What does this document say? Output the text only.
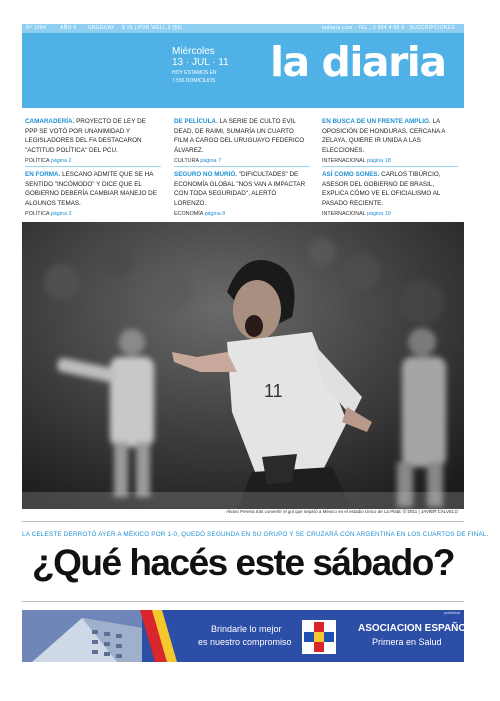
Nº 1384	AÑO 6 URUGUAY $ 25 | POR WELL 2 ($8)	ladiaria.com · TEL.: 2 904 4 88 8 · SUSCRIPCIONES
Miércoles
13 · JUL · 11
HOY ESTAMOS EN
7.556 DOMICILIOS	la diaria
CAMARADERÍA. PROYECTO DE LEY DE PPP SE VOTÓ POR UNANIMIDAD Y LEGISLADORES DEL FA DESTACARON "ACTITUD POLÍTICA" DEL PCU.
POLÍTICA página 2
DE PELÍCULA. LA SERIE DE CULTO EVIL DEAD, DE RAIMI, SUMARÍA UN CUARTO FILM A CARGO DEL URUGUAYO FEDERICO ÁLVAREZ.
CULTURA página 7
EN BUSCA DE UN FRENTE AMPLIO. LA OPOSICIÓN DE HONDURAS, CERCANA A ZELAYA, QUIERE IR UNIDA A LAS ELECCIONES.
INTERNACIONAL página 18
EN FORMA. LESCANO ADMITE QUE SE HA SENTIDO "INCÓMODO" Y DICE QUE EL GOBIERNO DEBERÍA CAMBIAR MANEJO DE ALGUNOS TEMAS.
POLÍTICA página 3
SEGURO NO MURIÓ. "DIFICULTADES" DE ECONOMÍA GLOBAL "NOS VAN A IMPACTAR CON TODA SEGURIDAD", ALERTÓ LORENZO.
ECONOMÍA página 8
ASÍ COMO SONES. CARLOS TIBÚRCIO, ASESOR DEL GOBIERNO DE BRASIL, EXPLICA CÓMO VE EL OFICIALISMO AL PASADO RECIENTE.
INTERNACIONAL página 19
11
Álvaro Pereira tras convertir el gol que separó a México en el estadio Único de La Plata. © 2011 | JAVIER CALVELO
LA CELESTE DERROTÓ AYER A MÉXICO POR 1-0, QUEDÓ SEGUNDA EN SU GRUPO Y SE CRUZARÁ CON ARGENTINA EN LOS CUARTOS DE FINAL.
¿Qué hacés este sábado?
publicidad
Brindarle lo mejor
es nuestro compromiso
ASOCIACION ESPAÑOLA
Primera en Salud
